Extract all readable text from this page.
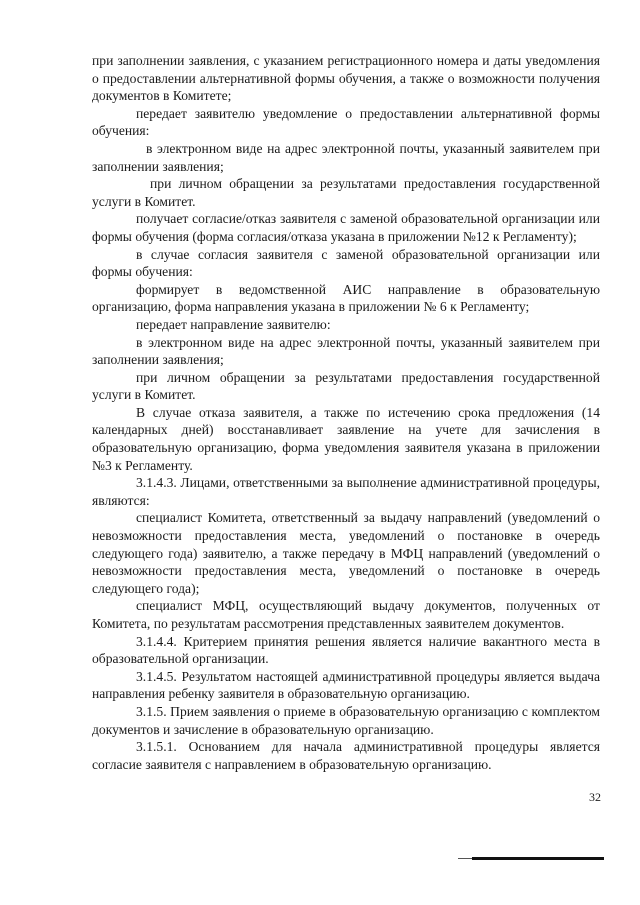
при заполнении заявления, с указанием регистрационного номера и даты уведомления о предоставлении альтернативной формы обучения, а также о возможности получения документов в Комитете;

передает заявителю уведомление о предоставлении альтернативной формы обучения:

в электронном виде на адрес электронной почты, указанный заявителем при заполнении заявления;

при личном обращении за результатами предоставления государственной услуги в Комитет.

получает согласие/отказ заявителя с заменой образовательной организации или формы обучения (форма согласия/отказа указана в приложении №12 к Регламенту);

в случае согласия заявителя с заменой образовательной организации или формы обучения:

формирует в ведомственной АИС направление в образовательную организацию, форма направления указана в приложении № 6 к Регламенту;

передает направление заявителю:

в электронном виде на адрес электронной почты, указанный заявителем при заполнении заявления;

при личном обращении за результатами предоставления государственной услуги в Комитет.

В случае отказа заявителя, а также по истечению срока предложения (14 календарных дней) восстанавливает заявление на учете для зачисления в образовательную организацию, форма уведомления заявителя указана в приложении №3 к Регламенту.

3.1.4.3. Лицами, ответственными за выполнение административной процедуры, являются:

специалист Комитета, ответственный за выдачу направлений (уведомлений о невозможности предоставления места, уведомлений о постановке в очередь следующего года) заявителю, а также передачу в МФЦ направлений (уведомлений о невозможности предоставления места, уведомлений о постановке в очередь следующего года);

специалист МФЦ, осуществляющий выдачу документов, полученных от Комитета, по результатам рассмотрения представленных заявителем документов.

3.1.4.4. Критерием принятия решения является наличие вакантного места в образовательной организации.

3.1.4.5. Результатом настоящей административной процедуры является выдача направления ребенку заявителя в образовательную организацию.

3.1.5. Прием заявления о приеме в образовательную организацию с комплектом документов и зачисление в образовательную организацию.

3.1.5.1. Основанием для начала административной процедуры является согласие заявителя с направлением в образовательную организацию.

32
